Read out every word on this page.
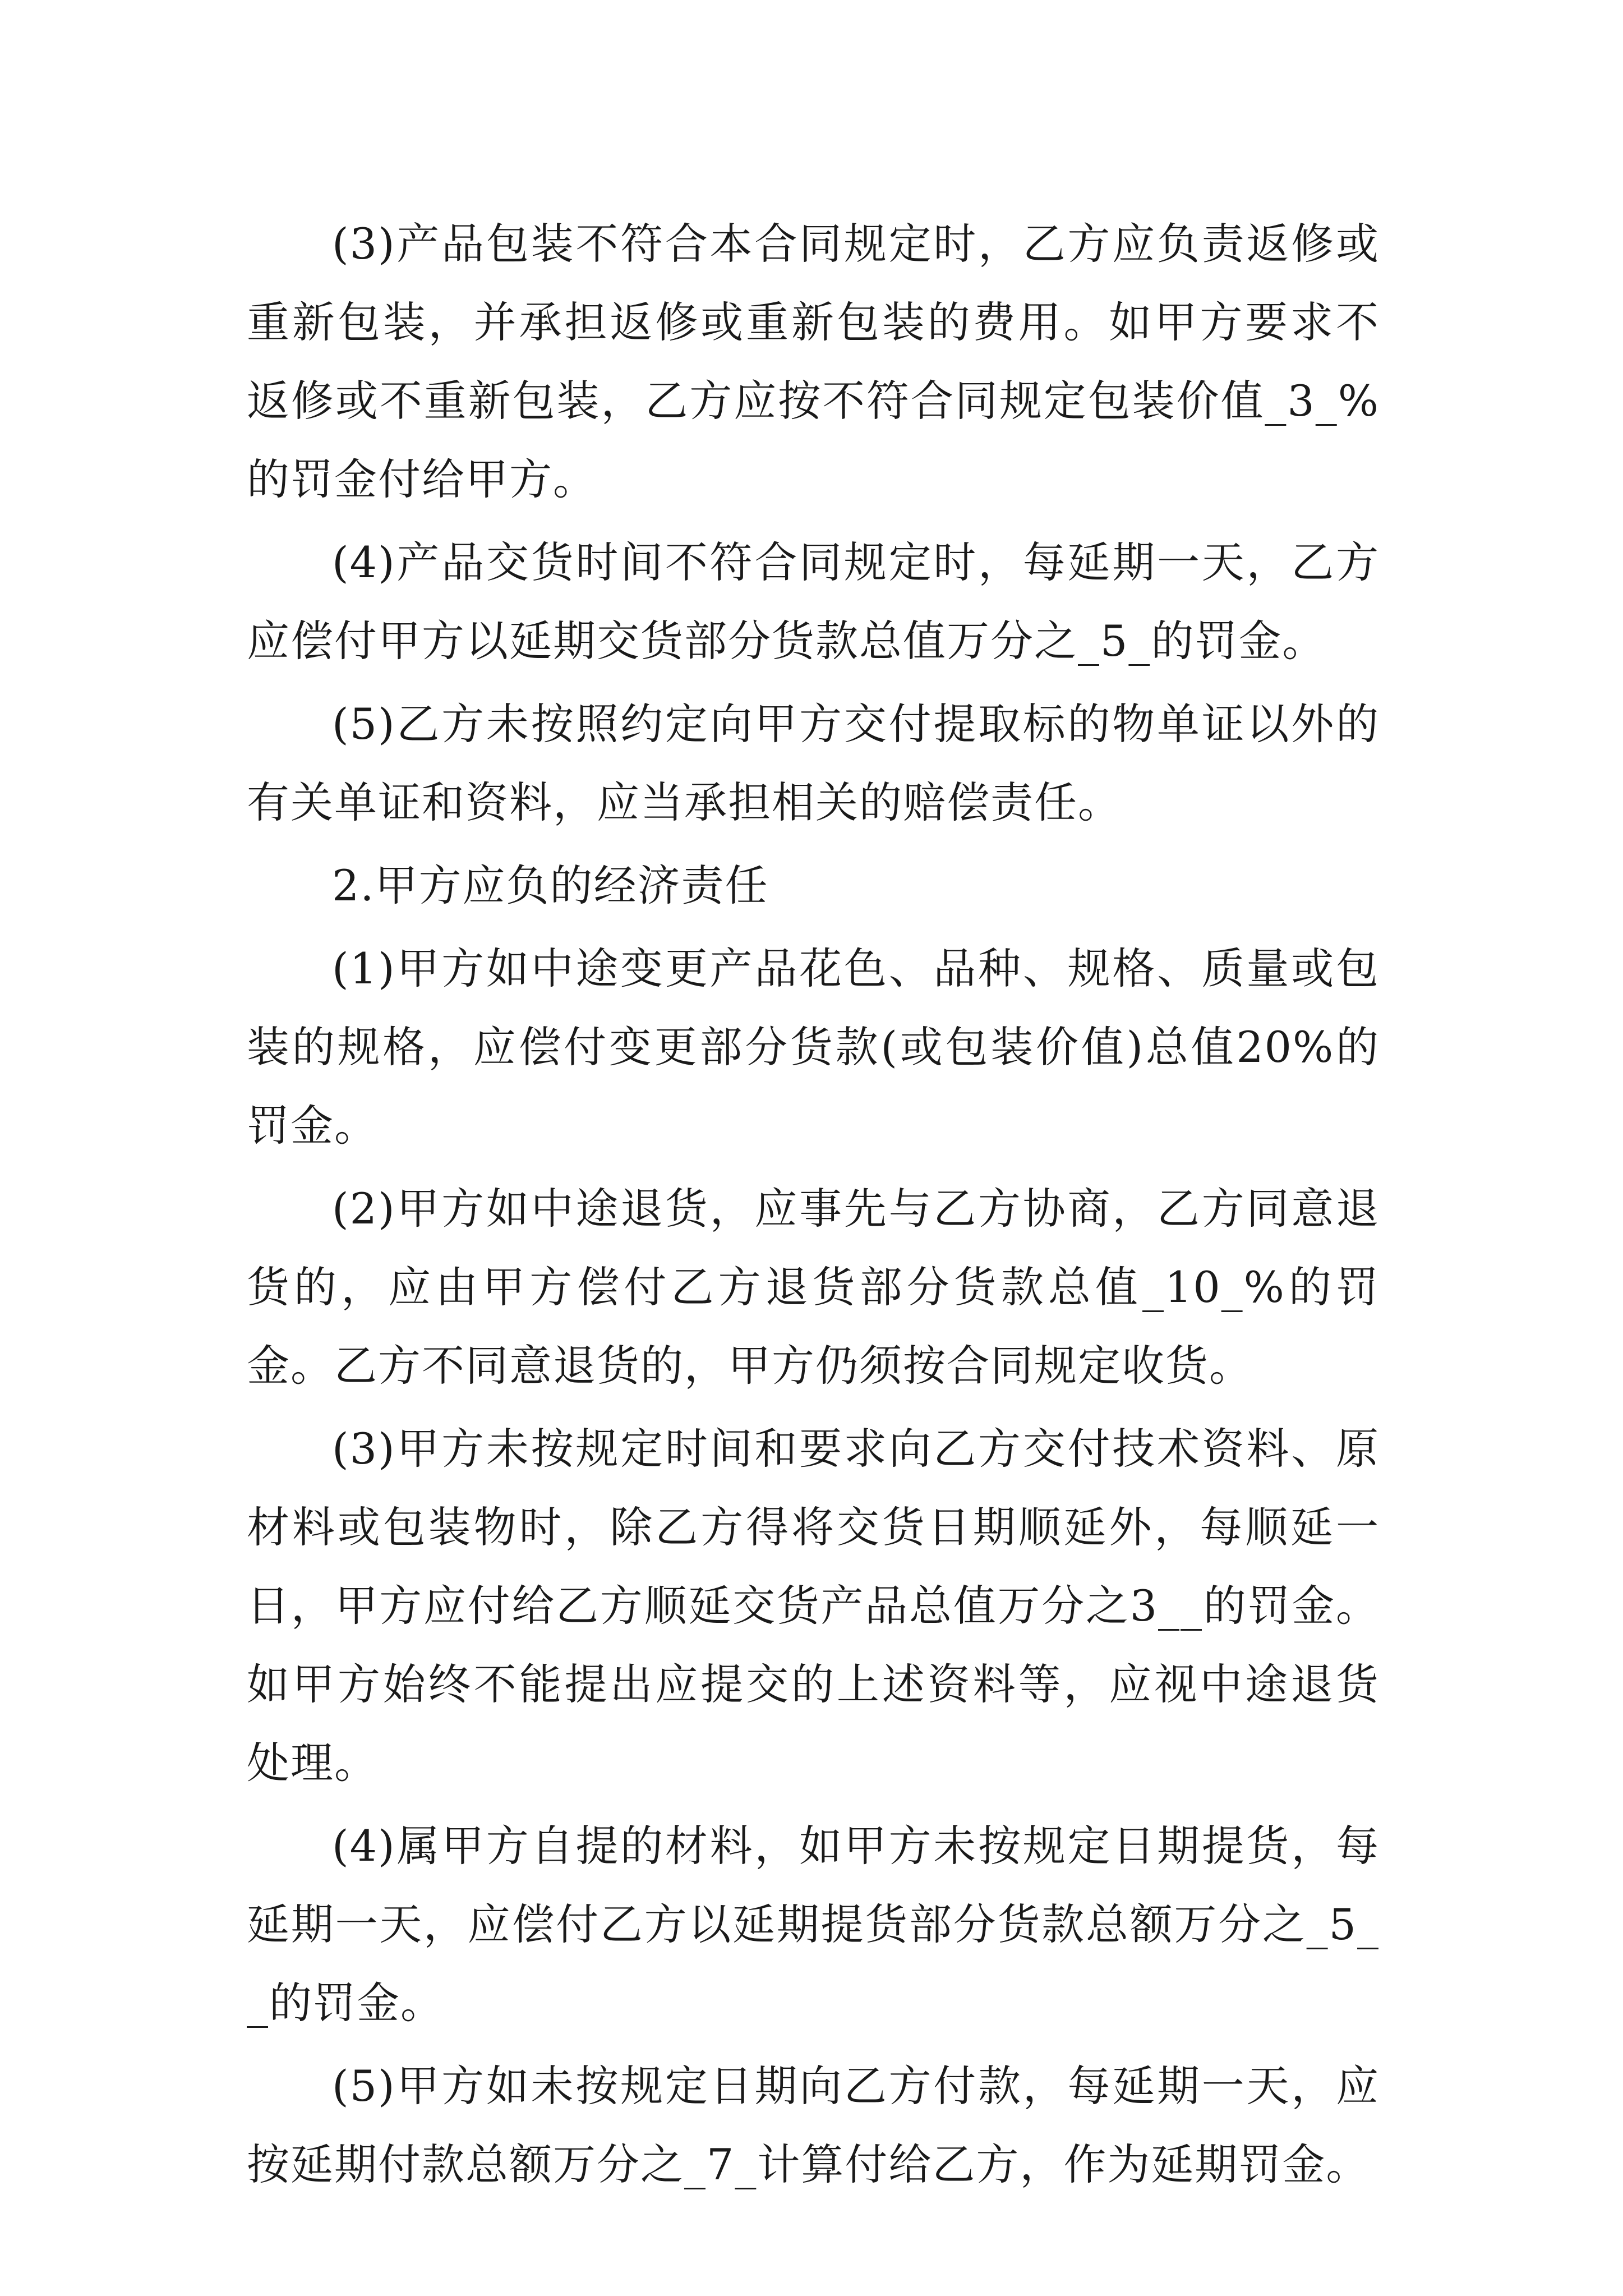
(3)产品包装不符合本合同规定时，乙方应负责返修或重新包装，并承担返修或重新包装的费用。如甲方要求不返修或不重新包装，乙方应按不符合同规定包装价值_3_%的罚金付给甲方。

(4)产品交货时间不符合同规定时，每延期一天，乙方应偿付甲方以延期交货部分货款总值万分之_5_的罚金。

(5)乙方未按照约定向甲方交付提取标的物单证以外的有关单证和资料，应当承担相关的赔偿责任。

2.甲方应负的经济责任

(1)甲方如中途变更产品花色、品种、规格、质量或包装的规格，应偿付变更部分货款(或包装价值)总值20%的罚金。

(2)甲方如中途退货，应事先与乙方协商，乙方同意退货的，应由甲方偿付乙方退货部分货款总值_10_%的罚金。乙方不同意退货的，甲方仍须按合同规定收货。

(3)甲方未按规定时间和要求向乙方交付技术资料、原材料或包装物时，除乙方得将交货日期顺延外，每顺延一日，甲方应付给乙方顺延交货产品总值万分之3__的罚金。如甲方始终不能提出应提交的上述资料等，应视中途退货处理。

(4)属甲方自提的材料，如甲方未按规定日期提货，每延期一天，应偿付乙方以延期提货部分货款总额万分之_5__的罚金。

(5)甲方如未按规定日期向乙方付款，每延期一天，应按延期付款总额万分之_7_计算付给乙方，作为延期罚金。
